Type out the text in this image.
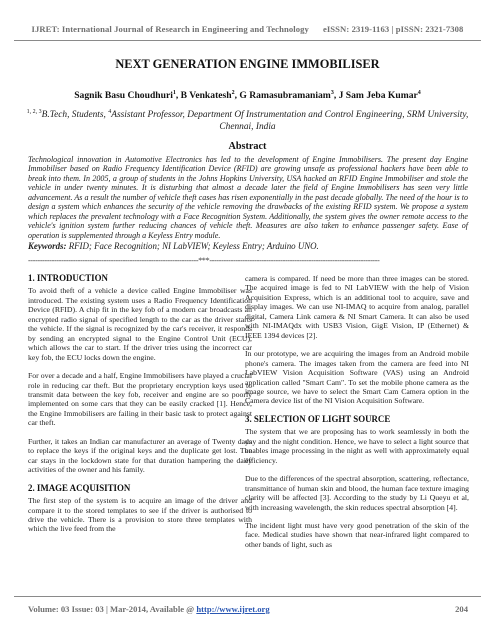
IJRET: International Journal of Research in Engineering and Technology eISSN: 2319-1163 | pISSN: 2321-7308
NEXT GENERATION ENGINE IMMOBILISER
Sagnik Basu Choudhuri$^1$, B Venkatesh$^2$, G Ramasubramaniam$^3$, J Sam Jeba Kumar$^4$
$^{1, 2, 3}$B.Tech, Students, $^4$Assistant Professor, Department Of Instrumentation and Control Engineering, SRM University, Chennai, India
Abstract
Technological innovation in Automotive Electronics has led to the development of Engine Immobilisers. The present day Engine Immobiliser based on Radio Frequency Identification Device (RFID) are growing unsafe as professional hackers have been able to break into them. In 2005, a group of students in the Johns Hopkins University, USA hacked an RFID Engine Immobiliser and stole the vehicle in under twenty minutes. It is disturbing that almost a decade later the field of Engine Immobilisers has seen very little advancement. As a result the number of vehicle theft cases has risen exponentially in the past decade globally. The need of the hour is to design a system which enhances the security of the vehicle removing the drawbacks of the existing RFID system. We propose a system which replaces the prevalent technology with a Face Recognition System. Additionally, the system gives the owner remote access to the vehicle's ignition system further reducing chances of vehicle theft. Measures are also taken to enhance passenger safety. Ease of operation is supplemented through a Keyless Entry module.
Keywords: RFID; Face Recognition; NI LabVIEW; Keyless Entry; Arduino UNO.
------------------------------------------------------------------------***------------------------------------------------------------------------
1. INTRODUCTION

To avoid theft of a vehicle a device called Engine Immobiliser was introduced. The existing system uses a Radio Frequency Identification Device (RFID). A chip fit in the key fob of a modern car broadcasts an encrypted radio signal of specified length to the car as the driver starts the vehicle. If the signal is recognized by the car's receiver, it responds by sending an encrypted signal to the Engine Control Unit (ECU), which allows the car to start. If the driver tries using the incorrect car key fob, the ECU locks down the engine.

For over a decade and a half, Engine Immobilisers have played a crucial role in reducing car theft. But the proprietary encryption keys used to transmit data between the key fob, receiver and engine are so poorly implemented on some cars that they can be easily cracked [1]. Hence, the Engine Immobilisers are failing in their basic task to protect against car theft.

Further, it takes an Indian car manufacturer an average of Twenty days to replace the keys if the original keys and the duplicate get lost. The car stays in the lockdown state for that duration hampering the daily activities of the owner and his family.

2. IMAGE ACQUISITION

The first step of the system is to acquire an image of the driver and compare it to the stored templates to see if the driver is authorised to drive the vehicle. There is a provision to store three templates with which the live feed from the

camera is compared. If need be more than three images can be stored. The acquired image is fed to NI LabVIEW with the help of Vision Acquisition Express, which is an additional tool to acquire, save and display images. We can use NI-IMAQ to acquire from analog, parallel digital, Camera Link camera & NI Smart Camera. It can also be used with NI-IMAQdx with USB3 Vision, GigE Vision, IP (Ethernet) & IEEE 1394 devices [2].

In our prototype, we are acquiring the images from an Android mobile phone's camera. The images taken from the camera are feed into NI LabVIEW Vision Acquisition Software (VAS) using an Android application called "Smart Cam". To set the mobile phone camera as the image source, we have to select the Smart Cam Camera option in the Camera device list of the NI Vision Acquisition Software.

3. SELECTION OF LIGHT SOURCE

The system that we are proposing has to work seamlessly in both the day and the night condition. Hence, we have to select a light source that enables image processing in the night as well with approximately equal efficiency.

Due to the differences of the spectral absorption, scattering, reflectance, transmittance of human skin and blood, the human face texture imaging clarity will be affected [3]. According to the study by Li Queyu et al, with increasing wavelength, the skin reduces spectral absorption [4].

The incident light must have very good penetration of the skin of the face. Medical studies have shown that near-infrared light compared to other bands of light, such as

Volume: 03 Issue: 03 | Mar-2014, Available @ http://www.ijret.org	204
